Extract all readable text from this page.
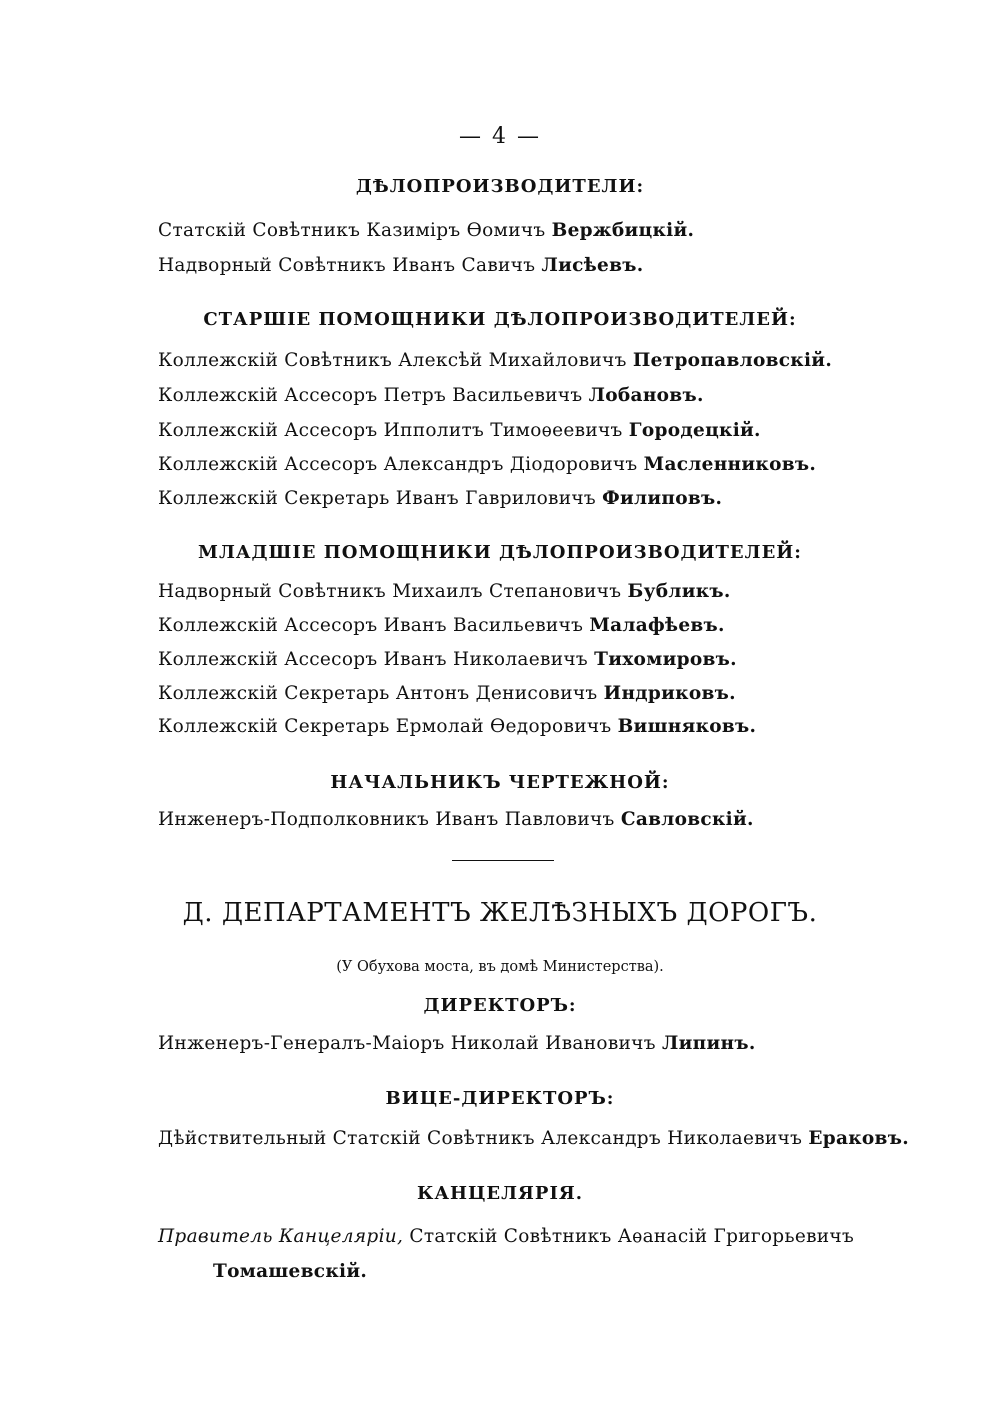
— 4 —
ДѢЛОПРОИЗВОДИТЕЛИ:
Статскій Совѣтникъ Казиміръ Ѳомичъ Вержбицкій.
Надворный Совѣтникъ Иванъ Савичъ Лисѣевъ.
СТАРШІЕ ПОМОЩНИКИ ДѢЛОПРОИЗВОДИТЕЛЕЙ:
Коллежскій Совѣтникъ Алексѣй Михайловичъ Петропавловскій.
Коллежскій Ассесоръ Петръ Васильевичъ Лобановъ.
Коллежскій Ассесоръ Ипполитъ Тимоѳеевичъ Городецкій.
Коллежскій Ассесоръ Александръ Діодоровичъ Масленниковъ.
Коллежскій Секретарь Иванъ Гавриловичъ Филиповъ.
МЛАДШІЕ ПОМОЩНИКИ ДѢЛОПРОИЗВОДИТЕЛЕЙ:
Надворный Совѣтникъ Михаилъ Степановичъ Бубликъ.
Коллежскій Ассесоръ Иванъ Васильевичъ Малафѣевъ.
Коллежскій Ассесоръ Иванъ Николаевичъ Тихомировъ.
Коллежскій Секретарь Антонъ Денисовичъ Индриковъ.
Коллежскій Секретарь Ермолай Ѳедоровичъ Вишняковъ.
НАЧАЛЬНИКЪ ЧЕРТЕЖНОЙ:
Инженеръ-Подполковникъ Иванъ Павловичъ Савловскій.
Д. ДЕПАРТАМЕНТЪ ЖЕЛѢЗНЫХЪ ДОРОГЪ.
(У Обухова моста, въ домѣ Министерства).
ДИРЕКТОРЪ:
Инженеръ-Генералъ-Маіоръ Николай Ивановичъ Липинъ.
ВИЦЕ-ДИРЕКТОРЪ:
Дѣйствительный Статскій Совѣтникъ Александръ Николаевичъ Ераковъ.
КАНЦЕЛЯРІЯ.
Правитель Канцеляріи, Статскій Совѣтникъ Аѳанасій Григорьевичъ
Томашевскій.
